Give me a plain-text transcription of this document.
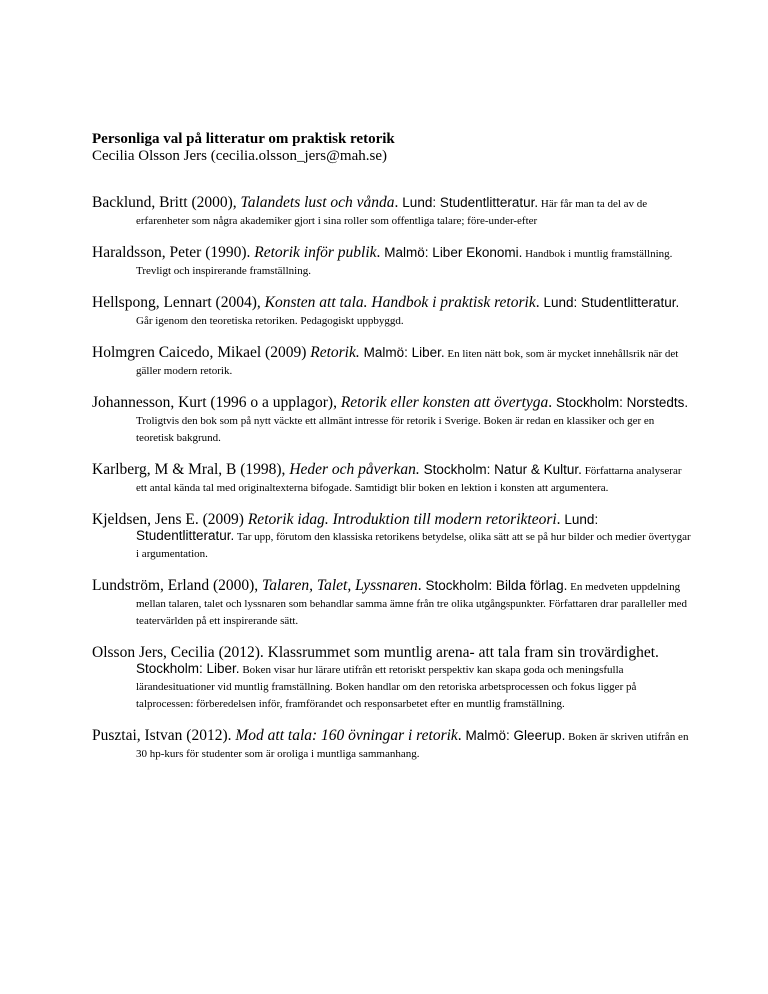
Personliga val på litteratur om praktisk retorik
Cecilia Olsson Jers (cecilia.olsson_jers@mah.se)

Backlund, Britt (2000), Talandets lust och vånda. Lund: Studentlitteratur. Här får man ta del av de erfarenheter som några akademiker gjort i sina roller som offentliga talare; före-under-efter

Haraldsson, Peter (1990). Retorik inför publik. Malmö: Liber Ekonomi. Handbok i muntlig framställning. Trevligt och inspirerande framställning.

Hellspong, Lennart (2004), Konsten att tala. Handbok i praktisk retorik. Lund: Studentlitteratur. Går igenom den teoretiska retoriken. Pedagogiskt uppbyggd.

Holmgren Caicedo, Mikael (2009) Retorik. Malmö: Liber. En liten nätt bok, som är mycket innehållsrik när det gäller modern retorik.

Johannesson, Kurt (1996 o a upplagor), Retorik eller konsten att övertyga. Stockholm: Norstedts. Troligtvis den bok som på nytt väckte ett allmänt intresse för retorik i Sverige. Boken är redan en klassiker och ger en teoretisk bakgrund.

Karlberg, M & Mral, B (1998), Heder och påverkan. Stockholm: Natur & Kultur. Författarna analyserar ett antal kända tal med originaltexterna bifogade. Samtidigt blir boken en lektion i konsten att argumentera.

Kjeldsen, Jens E. (2009) Retorik idag. Introduktion till modern retorikteori. Lund: Studentlitteratur. Tar upp, förutom den klassiska retorikens betydelse, olika sätt att se på hur bilder och medier övertygar i argumentation.

Lundström, Erland (2000), Talaren, Talet, Lyssnaren. Stockholm: Bilda förlag. En medveten uppdelning mellan talaren, talet och lyssnaren som behandlar samma ämne från tre olika utgångspunkter. Författaren drar paralleller med teatervärlden på ett inspirerande sätt.

Olsson Jers, Cecilia (2012). Klassrummet som muntlig arena- att tala fram sin trovärdighet. Stockholm: Liber. Boken visar hur lärare utifrån ett retoriskt perspektiv kan skapa goda och meningsfulla lärandesituationer vid muntlig framställning. Boken handlar om den retoriska arbetsprocessen och fokus ligger på talprocessen: förberedelsen inför, framförandet och responsarbetet efter en muntlig framställning.

Pusztai, Istvan (2012). Mod att tala: 160 övningar i retorik. Malmö: Gleerup. Boken är skriven utifrån en 30 hp-kurs för studenter som är oroliga i muntliga sammanhang.
